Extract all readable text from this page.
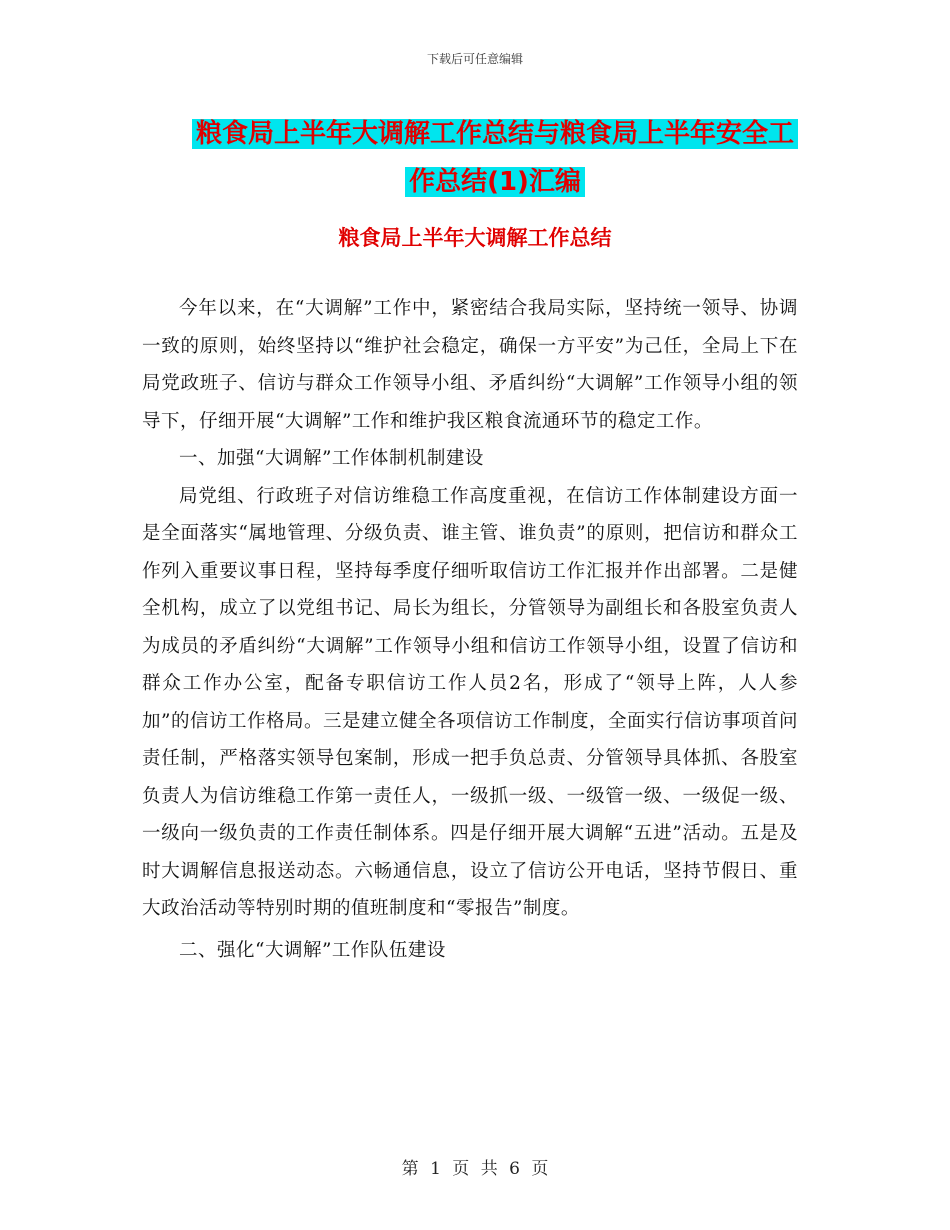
下载后可任意编辑
粮食局上半年大调解工作总结与粮食局上半年安全工
作总结(1)汇编
粮食局上半年大调解工作总结

今年以来，在“大调解”工作中，紧密结合我局实际，坚持统一领导、协调一致的原则，始终坚持以“维护社会稳定，确保一方平安”为己任，全局上下在局党政班子、信访与群众工作领导小组、矛盾纠纷“大调解”工作领导小组的领导下，仔细开展“大调解”工作和维护我区粮食流通环节的稳定工作。

一、加强“大调解”工作体制机制建设

局党组、行政班子对信访维稳工作高度重视，在信访工作体制建设方面一是全面落实“属地管理、分级负责、谁主管、谁负责”的原则，把信访和群众工作列入重要议事日程，坚持每季度仔细听取信访工作汇报并作出部署。二是健全机构，成立了以党组书记、局长为组长，分管领导为副组长和各股室负责人为成员的矛盾纠纷“大调解”工作领导小组和信访工作领导小组，设置了信访和群众工作办公室，配备专职信访工作人员2名，形成了“领导上阵，人人参加”的信访工作格局。三是建立健全各项信访工作制度，全面实行信访事项首问责任制，严格落实领导包案制，形成一把手负总责、分管领导具体抓、各股室负责人为信访维稳工作第一责任人，一级抓一级、一级管一级、一级促一级、一级向一级负责的工作责任制体系。四是仔细开展大调解“五进”活动。五是及时大调解信息报送动态。六畅通信息，设立了信访公开电话，坚持节假日、重大政治活动等特别时期的值班制度和“零报告”制度。

二、强化“大调解”工作队伍建设

第 1 页 共 6 页
